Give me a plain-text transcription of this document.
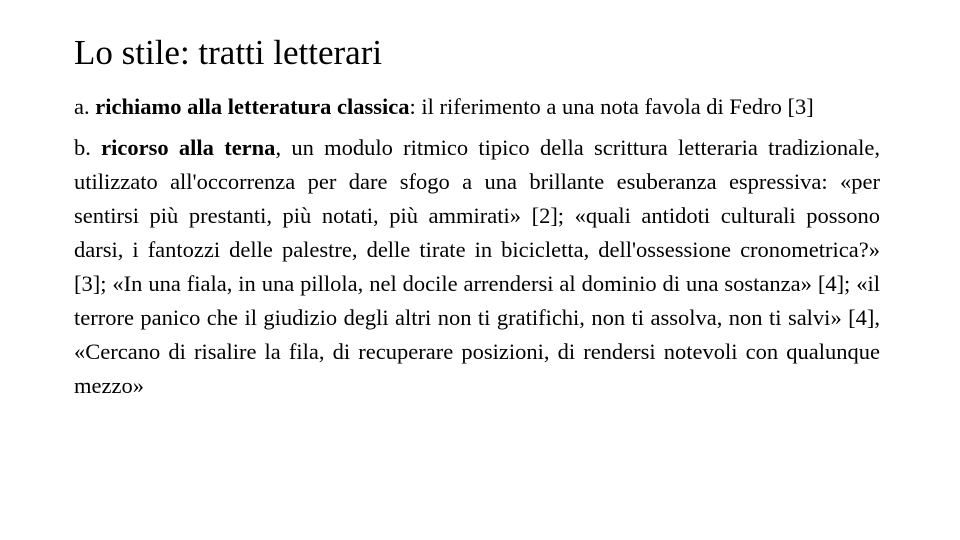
Lo stile: tratti letterari

a. richiamo alla letteratura classica: il riferimento a una nota favola di Fedro [3]

b. ricorso alla terna, un modulo ritmico tipico della scrittura letteraria tradizionale, utilizzato all'occorrenza per dare sfogo a una brillante esuberanza espressiva: «per sentirsi più prestanti, più notati, più ammirati» [2]; «quali antidoti culturali possono darsi, i fantozzi delle palestre, delle tirate in bicicletta, dell'ossessione cronometrica?» [3]; «In una fiala, in una pillola, nel docile arrendersi al dominio di una sostanza» [4]; «il terrore panico che il giudizio degli altri non ti gratifichi, non ti assolva, non ti salvi» [4], «Cercano di risalire la fila, di recuperare posizioni, di rendersi notevoli con qualunque mezzo»
